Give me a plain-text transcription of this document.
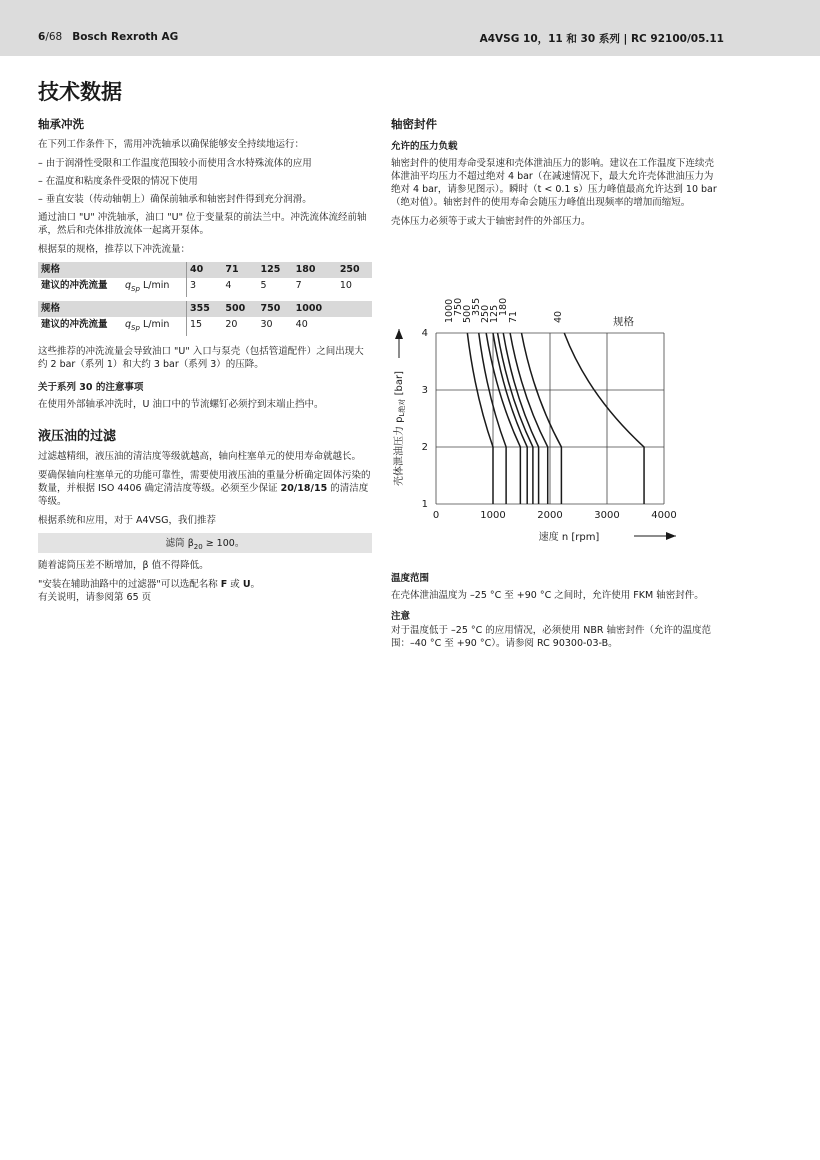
6/68 Bosch Rexroth AG	A4VSG 10，11 和 30 系列 | RC 92100/05.11
技术数据
轴承冲洗

在下列工作条件下，需用冲洗轴承以确保能够安全持续地运行：

– 由于润滑性受限和工作温度范围较小而使用含水特殊流体的应用
– 在温度和粘度条件受限的情况下使用
– 垂直安装（传动轴朝上）确保前轴承和轴密封件得到充分润滑。

通过油口 "U" 冲洗轴承，油口 "U" 位于变量泵的前法兰中。冲洗流体流经前轴承，然后和壳体排放流体一起离开泵体。

根据泵的规格，推荐以下冲洗流量：

规格		40	71	125	180	250
建议的冲洗流量	$q_{Sp}$ L/min	3	4	5	7	10

规格		355	500	750	1000	
建议的冲洗流量	$q_{Sp}$ L/min	15	20	30	40	

这些推荐的冲洗流量会导致油口 "U" 入口与泵壳（包括管道配件）之间出现大约 2 bar（系列 1）和大约 3 bar（系列 3）的压降。

关于系列 30 的注意事项

在使用外部轴承冲洗时，U 油口中的节流螺钉必须拧到末端止挡中。

液压油的过滤

过滤越精细，液压油的清洁度等级就越高，轴向柱塞单元的使用寿命就越长。

要确保轴向柱塞单元的功能可靠性，需要使用液压油的重量分析确定固体污染的数量，并根据 ISO 4406 确定清洁度等级。必须至少保证 20/18/15 的清洁度等级。

根据系统和应用，对于 A4VSG，我们推荐

滤筒 $\beta_{20} \ge 100$。

随着滤筒压差不断增加，β 值不得降低。

"安装在辅助油路中的过滤器"可以选配名称 F 或 U。

有关说明，请参阅第 65 页

轴密封件
允许的压力负载

轴密封件的使用寿命受泵速和壳体泄油压力的影响。建议在工作温度下连续壳体泄油平均压力不超过绝对 4 bar（在减速情况下，最大允许壳体泄油压力为绝对 4 bar，请参见图示）。瞬时（t < 0.1 s）压力峰值最高允许达到 10 bar（绝对值）。轴密封件的使用寿命会随压力峰值出现频率的增加而缩短。

壳体压力必须等于或大于轴密封件的外部压力。

0	1000	2000	3000	4000
1
2
3
4
速度 n [rpm]
壳体泄油压力 $p_{L绝对}$ [bar]
规格
1000
750
500
355
250
125
180
71	40
温度范围

在壳体泄油温度为 –25 °C 至 +90 °C 之间时，允许使用 FKM 轴密封件。

注意

对于温度低于 –25 °C 的应用情况，必须使用 NBR 轴密封件（允许的温度范围：–40 °C 至 +90 °C）。请参阅 RC 90300-03-B。
